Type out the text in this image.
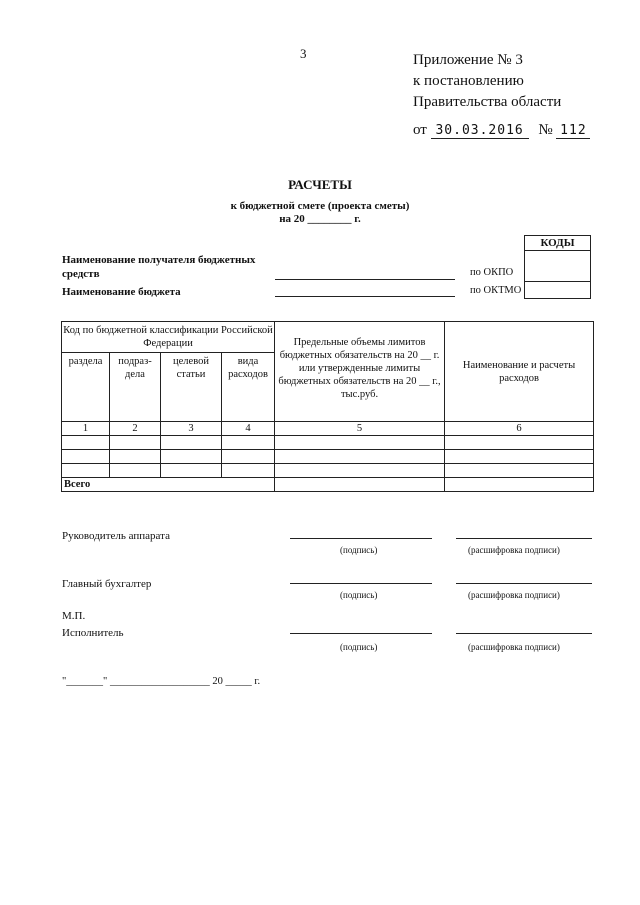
3	Приложение № 3
к постановлению
Правительства области
от 30.03.2016 № 112
РАСЧЕТЫ
к бюджетной смете (проекта сметы)
на 20 ________ г.
Наименование получателя бюджетных средств	по ОКПО
Наименование бюджета	по ОКТМО
КОДЫ

Код по бюджетной классификации Российской Федерации				Предельные объемы лимитов бюджетных обязательств на 20 __ г. или утвержденные лимиты бюджетных обязательств на 20 __ г., тыс.руб.	Наименование и расчеты расходов
раздела	подраз- дела	целевой статьи	вида расходов		
1	2	3	4	5	6

Всего					
Руководитель аппарата
(подпись)	(расшифровка подписи)
Главный бухгалтер
(подпись)	(расшифровка подписи)
М.П.
Исполнитель
(подпись)	(расшифровка подписи)
"_______" ___________________ 20 _____ г.
